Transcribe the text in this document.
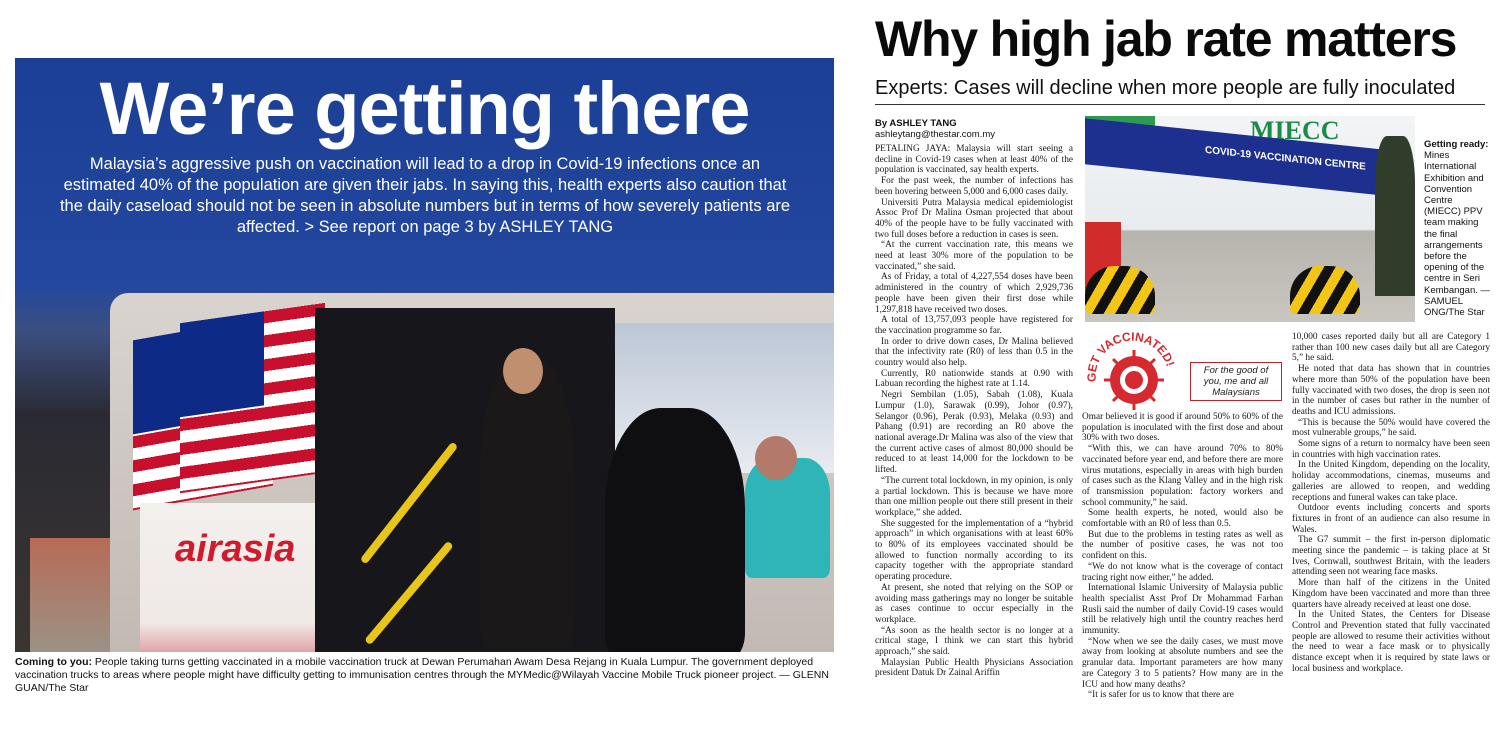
airasia
We’re getting there
Malaysia’s aggressive push on vaccination will lead to a drop in Covid-19 infections once an estimated 40% of the population are given their jabs. In saying this, health experts also caution that the daily caseload should not be seen in absolute numbers but in terms of how severely patients are affected. > See report on page 3 by ASHLEY TANG
Coming to you: People taking turns getting vaccinated in a mobile vaccination truck at Dewan Perumahan Awam Desa Rejang in Kuala Lumpur. The government deployed vaccination trucks to areas where people might have difficulty getting to immunisation centres through the MYMedic@Wilayah Vaccine Mobile Truck pioneer project. — GLENN GUAN/The Star
Why high jab rate matters
Experts: Cases will decline when more people are fully inoculated
By ASHLEY TANG
ashleytang@thestar.com.my	MIECC
COVID-19 VACCINATION CENTRE
Getting ready: Mines International Exhibition and Convention Centre (MIECC) PPV team making the final arrangements before the opening of the centre in Seri Kembangan. — SAMUEL ONG/The Star

PETALING JAYA: Malaysia will start seeing a decline in Covid-19 cases when at least 40% of the population is vaccinated, say health experts.

For the past week, the number of infections has been hovering between 5,000 and 6,000 cases daily.

Universiti Putra Malaysia medical epidemiologist Assoc Prof Dr Malina Osman projected that about 40% of the people have to be fully vaccinated with two full doses before a reduction in cases is seen.

“At the current vaccination rate, this means we need at least 30% more of the population to be vaccinated,” she said.

As of Friday, a total of 4,227,554 doses have been administered in the country of which 2,929,736 people have been given their first dose while 1,297,818 have received two doses.

A total of 13,757,093 people have registered for the vaccination programme so far.

In order to drive down cases, Dr Malina believed that the infectivity rate (R0) of less than 0.5 in the country would also help.

Currently, R0 nationwide stands at 0.90 with Labuan recording the highest rate at 1.14.

Negri Sembilan (1.05), Sabah (1.08), Kuala Lumpur (1.0), Sarawak (0.99), Johor (0.97), Selangor (0.96), Perak (0.93), Melaka (0.93) and Pahang (0.91) are recording an R0 above the national average.Dr Malina was also of the view that the current active cases of almost 80,000 should be reduced to at least 14,000 for the lockdown to be lifted.

“The current total lockdown, in my opinion, is only a partial lockdown. This is because we have more than one million people out there still present in their workplace,” she added.

She suggested for the implementation of a “hybrid approach” in which organisations with at least 60% to 80% of its employees vaccinated should be allowed to function normally according to its capacity together with the appropriate standard operating procedure.

At present, she noted that relying on the SOP or avoiding mass gatherings may no longer be suitable as cases continue to occur especially in the workplace.

“As soon as the health sector is no longer at a critical stage, I think we can start this hybrid approach,” she said.

Malaysian Public Health Physicians Association president Datuk Dr Zainal Ariffin

GET VACCINATED!
For the good of you, me and all Malaysians

Omar believed it is good if around 50% to 60% of the population is inoculated with the first dose and about 30% with two doses.

“With this, we can have around 70% to 80% vaccinated before year end, and before there are more virus mutations, especially in areas with high burden of cases such as the Klang Valley and in the high risk of transmission population: factory workers and school community,” he said.

Some health experts, he noted, would also be comfortable with an R0 of less than 0.5.

But due to the problems in testing rates as well as the number of positive cases, he was not too confident on this.

“We do not know what is the coverage of contact tracing right now either,” he added.

International Islamic University of Malaysia public health specialist Asst Prof Dr Mohammad Farhan Rusli said the number of daily Covid-19 cases would still be relatively high until the country reaches herd immunity.

“Now when we see the daily cases, we must move away from looking at absolute numbers and see the granular data. Important parameters are how many are Category 3 to 5 patients? How many are in the ICU and how many deaths?

“It is safer for us to know that there are

10,000 cases reported daily but all are Category 1 rather than 100 new cases daily but all are Category 5,” he said.

He noted that data has shown that in countries where more than 50% of the population have been fully vaccinated with two doses, the drop is seen not in the number of cases but rather in the number of deaths and ICU admissions.

“This is because the 50% would have covered the most vulnerable groups,” he said.

Some signs of a return to normalcy have been seen in countries with high vaccination rates.

In the United Kingdom, depending on the locality, holiday accommodations, cinemas, museums and galleries are allowed to reopen, and wedding receptions and funeral wakes can take place.

Outdoor events including concerts and sports fixtures in front of an audience can also resume in Wales.

The G7 summit – the first in-person diplomatic meeting since the pandemic – is taking place at St Ives, Cornwall, southwest Britain, with the leaders attending seen not wearing face masks.

More than half of the citizens in the United Kingdom have been vaccinated and more than three quarters have already received at least one dose.

In the United States, the Centers for Disease Control and Prevention stated that fully vaccinated people are allowed to resume their activities without the need to wear a face mask or to physically distance except when it is required by state laws or local business and workplace.
